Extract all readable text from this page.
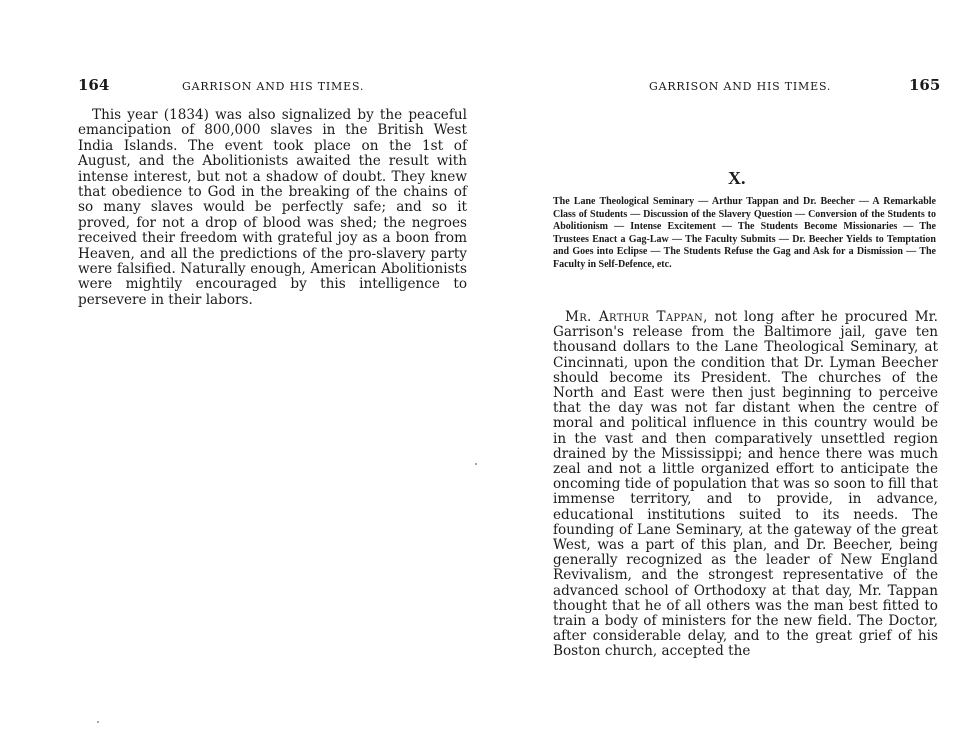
164	GARRISON AND HIS TIMES.

This year (1834) was also signalized by the peaceful emancipation of 800,000 slaves in the British West India Islands. The event took place on the 1st of August, and the Abolitionists awaited the result with intense interest, but not a shadow of doubt. They knew that obedience to God in the breaking of the chains of so many slaves would be perfectly safe; and so it proved, for not a drop of blood was shed; the negroes received their freedom with grateful joy as a boon from Heaven, and all the predictions of the pro-slavery party were falsified. Naturally enough, American Abolitionists were mightily encouraged by this intelligence to persevere in their labors.

GARRISON AND HIS TIMES.	165
X.

The Lane Theological Seminary — Arthur Tappan and Dr. Beecher — A Remarkable Class of Students — Discussion of the Slavery Question — Conversion of the Students to Abolitionism — Intense Excitement — The Students Become Missionaries — The Trustees Enact a Gag-Law — The Faculty Submits — Dr. Beecher Yields to Temptation and Goes into Eclipse — The Students Refuse the Gag and Ask for a Dismission — The Faculty in Self-Defence, etc.

Mr. Arthur Tappan, not long after he procured Mr. Garrison's release from the Baltimore jail, gave ten thousand dollars to the Lane Theological Seminary, at Cincinnati, upon the condition that Dr. Lyman Beecher should become its President. The churches of the North and East were then just beginning to perceive that the day was not far distant when the centre of moral and political influence in this country would be in the vast and then comparatively unsettled region drained by the Mississippi; and hence there was much zeal and not a little organized effort to anticipate the oncoming tide of population that was so soon to fill that immense territory, and to provide, in advance, educational institutions suited to its needs. The founding of Lane Seminary, at the gateway of the great West, was a part of this plan, and Dr. Beecher, being generally recognized as the leader of New England Revivalism, and the strongest representative of the advanced school of Orthodoxy at that day, Mr. Tappan thought that he of all others was the man best fitted to train a body of ministers for the new field. The Doctor, after considerable delay, and to the great grief of his Boston church, accepted the
